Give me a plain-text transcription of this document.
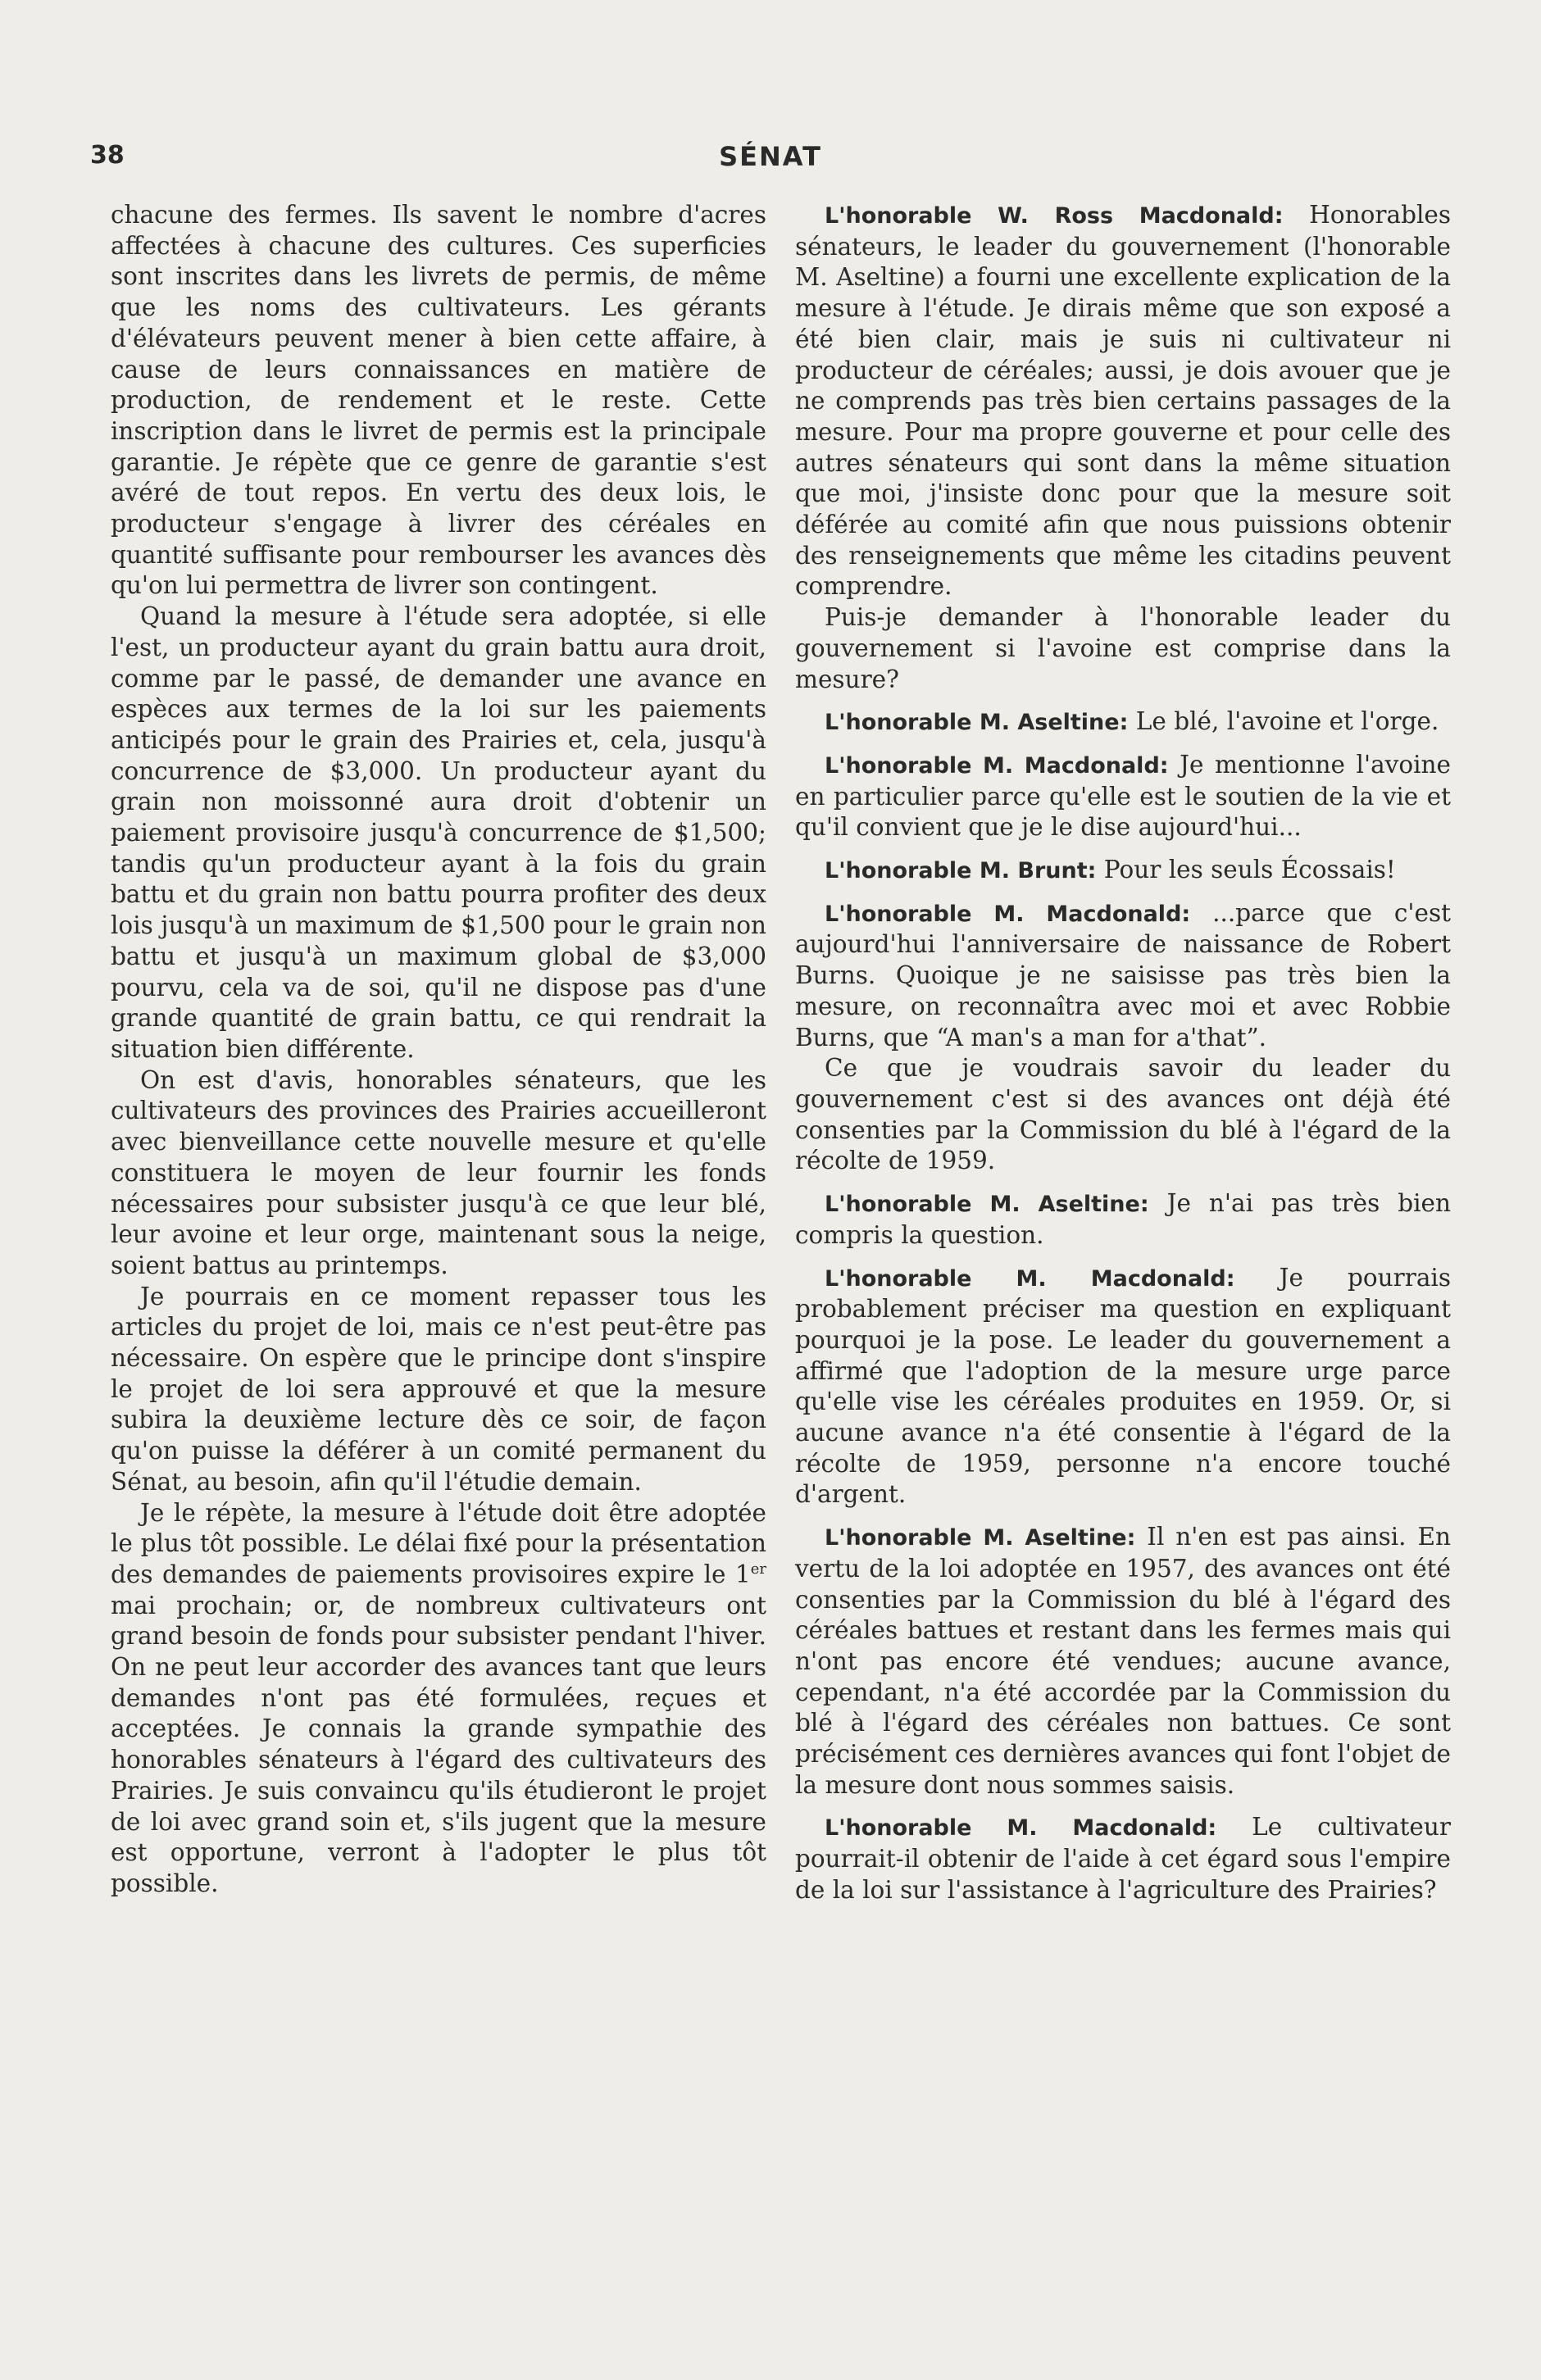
38	SÉNAT

chacune des fermes. Ils savent le nombre d'acres affectées à chacune des cultures. Ces superficies sont inscrites dans les livrets de permis, de même que les noms des cultivateurs. Les gérants d'élévateurs peuvent mener à bien cette affaire, à cause de leurs connaissances en matière de production, de rendement et le reste. Cette inscription dans le livret de permis est la principale garantie. Je répète que ce genre de garantie s'est avéré de tout repos. En vertu des deux lois, le producteur s'engage à livrer des céréales en quantité suffisante pour rembourser les avances dès qu'on lui permettra de livrer son contingent.

Quand la mesure à l'étude sera adoptée, si elle l'est, un producteur ayant du grain battu aura droit, comme par le passé, de demander une avance en espèces aux termes de la loi sur les paiements anticipés pour le grain des Prairies et, cela, jusqu'à concurrence de $3,000. Un producteur ayant du grain non moissonné aura droit d'obtenir un paiement provisoire jusqu'à concurrence de $1,500; tandis qu'un producteur ayant à la fois du grain battu et du grain non battu pourra profiter des deux lois jusqu'à un maximum de $1,500 pour le grain non battu et jusqu'à un maximum global de $3,000 pourvu, cela va de soi, qu'il ne dispose pas d'une grande quantité de grain battu, ce qui rendrait la situation bien différente.

On est d'avis, honorables sénateurs, que les cultivateurs des provinces des Prairies accueilleront avec bienveillance cette nouvelle mesure et qu'elle constituera le moyen de leur fournir les fonds nécessaires pour subsister jusqu'à ce que leur blé, leur avoine et leur orge, maintenant sous la neige, soient battus au printemps.

Je pourrais en ce moment repasser tous les articles du projet de loi, mais ce n'est peut-être pas nécessaire. On espère que le principe dont s'inspire le projet de loi sera approuvé et que la mesure subira la deuxième lecture dès ce soir, de façon qu'on puisse la déférer à un comité permanent du Sénat, au besoin, afin qu'il l'étudie demain.

Je le répète, la mesure à l'étude doit être adoptée le plus tôt possible. Le délai fixé pour la présentation des demandes de paiements provisoires expire le 1er mai prochain; or, de nombreux cultivateurs ont grand besoin de fonds pour subsister pendant l'hiver. On ne peut leur accorder des avances tant que leurs demandes n'ont pas été formulées, reçues et acceptées. Je connais la grande sympathie des honorables sénateurs à l'égard des cultivateurs des Prairies. Je suis convaincu qu'ils étudieront le projet de loi avec grand soin et, s'ils jugent que la mesure est opportune, verront à l'adopter le plus tôt possible.

L'honorable W. Ross Macdonald: Honorables sénateurs, le leader du gouvernement (l'honorable M. Aseltine) a fourni une excellente explication de la mesure à l'étude. Je dirais même que son exposé a été bien clair, mais je suis ni cultivateur ni producteur de céréales; aussi, je dois avouer que je ne comprends pas très bien certains passages de la mesure. Pour ma propre gouverne et pour celle des autres sénateurs qui sont dans la même situation que moi, j'insiste donc pour que la mesure soit déférée au comité afin que nous puissions obtenir des renseignements que même les citadins peuvent comprendre.

Puis-je demander à l'honorable leader du gouvernement si l'avoine est comprise dans la mesure?

L'honorable M. Aseltine: Le blé, l'avoine et l'orge.

L'honorable M. Macdonald: Je mentionne l'avoine en particulier parce qu'elle est le soutien de la vie et qu'il convient que je le dise aujourd'hui...

L'honorable M. Brunt: Pour les seuls Écossais!

L'honorable M. Macdonald: ...parce que c'est aujourd'hui l'anniversaire de naissance de Robert Burns. Quoique je ne saisisse pas très bien la mesure, on reconnaîtra avec moi et avec Robbie Burns, que “A man's a man for a'that”.

Ce que je voudrais savoir du leader du gouvernement c'est si des avances ont déjà été consenties par la Commission du blé à l'égard de la récolte de 1959.

L'honorable M. Aseltine: Je n'ai pas très bien compris la question.

L'honorable M. Macdonald: Je pourrais probablement préciser ma question en expliquant pourquoi je la pose. Le leader du gouvernement a affirmé que l'adoption de la mesure urge parce qu'elle vise les céréales produites en 1959. Or, si aucune avance n'a été consentie à l'égard de la récolte de 1959, personne n'a encore touché d'argent.

L'honorable M. Aseltine: Il n'en est pas ainsi. En vertu de la loi adoptée en 1957, des avances ont été consenties par la Commission du blé à l'égard des céréales battues et restant dans les fermes mais qui n'ont pas encore été vendues; aucune avance, cependant, n'a été accordée par la Commission du blé à l'égard des céréales non battues. Ce sont précisément ces dernières avances qui font l'objet de la mesure dont nous sommes saisis.

L'honorable M. Macdonald: Le cultivateur pourrait-il obtenir de l'aide à cet égard sous l'empire de la loi sur l'assistance à l'agriculture des Prairies?
